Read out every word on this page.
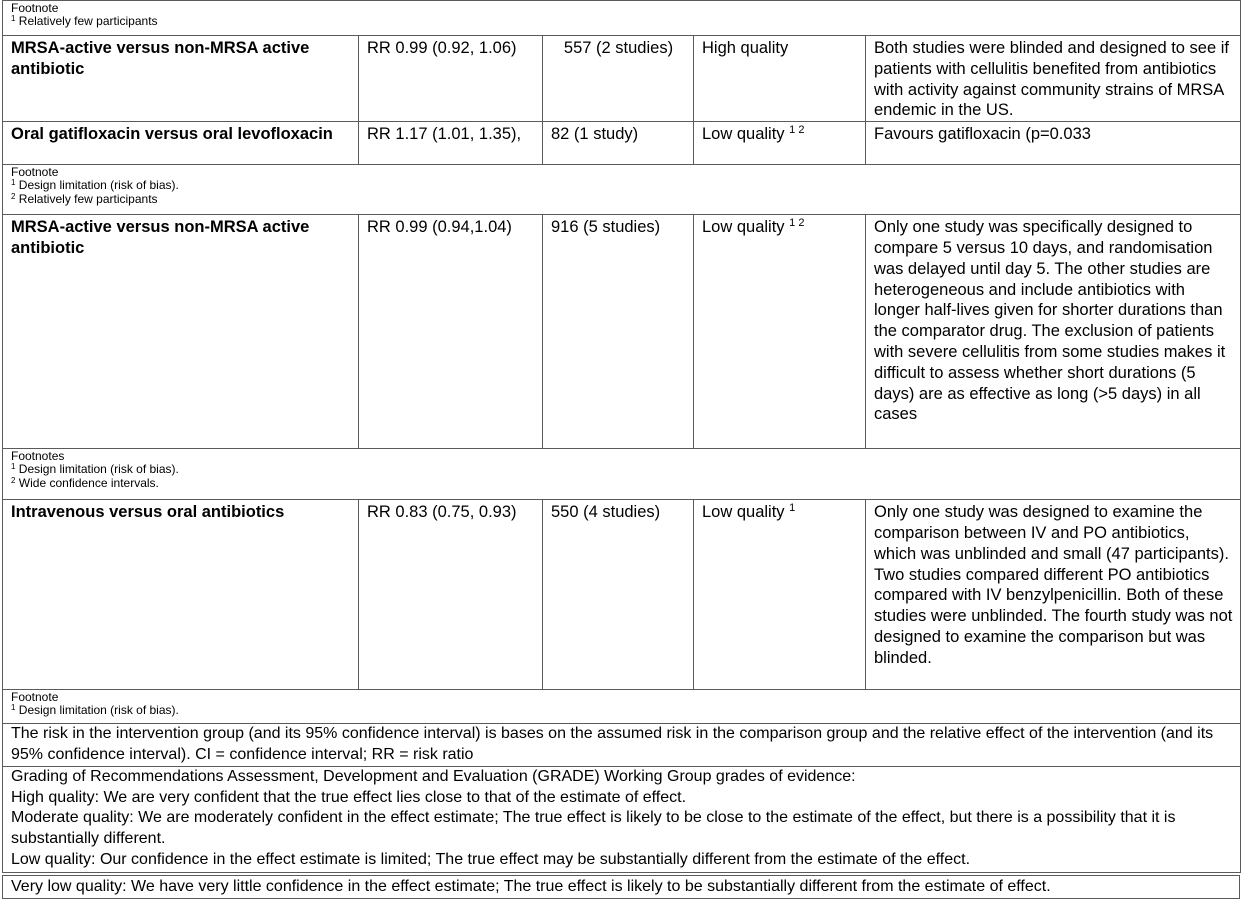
Footnote
$^1$ Relatively few participants				

MRSA-active versus non-MRSA active antibiotic	RR 0.99 (0.92, 1.06)	557 (2 studies)	High quality	Both studies were blinded and designed to see if patients with cellulitis benefited from antibiotics with activity against community strains of MRSA endemic in the US.
Oral gatifloxacin versus oral levofloxacin	RR 1.17 (1.01, 1.35),	82 (1 study)	Low quality $^{1 2}$	Favours gatifloxacin (p=0.033

Footnote
$^1$ Design limitation (risk of bias).
$^2$ Relatively few participants				

MRSA-active versus non-MRSA active antibiotic	RR 0.99 (0.94,1.04)	916 (5 studies)	Low quality $^{1 2}$	Only one study was specifically designed to compare 5 versus 10 days, and randomisation was delayed until day 5. The other studies are heterogeneous and include antibiotics with longer half-lives given for shorter durations than the comparator drug. The exclusion of patients with severe cellulitis from some studies makes it difficult to assess whether short durations (5 days) are as effective as long (>5 days) in all cases

Footnotes
$^1$ Design limitation (risk of bias).
$^2$ Wide confidence intervals.				

Intravenous versus oral antibiotics	RR 0.83 (0.75, 0.93)	550 (4 studies)	Low quality $^1$	Only one study was designed to examine the comparison between IV and PO antibiotics, which was unblinded and small (47 participants). Two studies compared different PO antibiotics compared with IV benzylpenicillin. Both of these studies were unblinded. The fourth study was not designed to examine the comparison but was blinded.

Footnote
$^1$ Design limitation (risk of bias).				

The risk in the intervention group (and its 95% confidence interval) is bases on the assumed risk in the comparison group and the relative effect of the intervention (and its 95% confidence interval). CI = confidence interval; RR = risk ratio				

Grading of Recommendations Assessment, Development and Evaluation (GRADE) Working Group grades of evidence:
High quality: We are very confident that the true effect lies close to that of the estimate of effect.
Moderate quality: We are moderately confident in the effect estimate; The true effect is likely to be close to the estimate of the effect, but there is a possibility that it is substantially different.
Low quality: Our confidence in the effect estimate is limited; The true effect may be substantially different from the estimate of the effect.				
Very low quality: We have very little confidence in the effect estimate; The true effect is likely to be substantially different from the estimate of effect.
